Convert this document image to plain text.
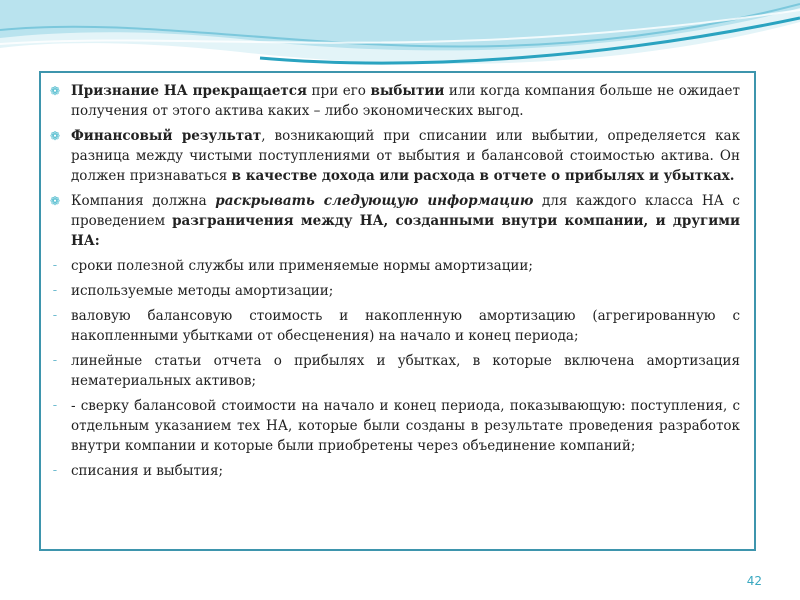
❁ Признание НА прекращается при его выбытии или когда компания больше не ожидает получения от этого актива каких – либо экономических выгод.
❁ Финансовый результат, возникающий при списании или выбытии, определяется как разница между чистыми поступлениями от выбытия и балансовой стоимостью актива. Он должен признаваться в качестве дохода или расхода в отчете о прибылях и убытках.
❁ Компания должна раскрывать следующую информацию для каждого класса НА с проведением разграничения между НА, созданными внутри компании, и другими НА:
-	сроки полезной службы или применяемые нормы амортизации;
-	используемые методы амортизации;
-	валовую балансовую стоимость и накопленную амортизацию (агрегированную с накопленными убытками от обесценения) на начало и конец периода;
-	линейные статьи отчета о прибылях и убытках, в которые включена амортизация нематериальных активов;
-	- сверку балансовой стоимости на начало и конец периода, показывающую: поступления, с отдельным указанием тех НА, которые были созданы в результате проведения разработок внутри компании и которые были приобретены через объединение компаний;
-	списания и выбытия;
42
